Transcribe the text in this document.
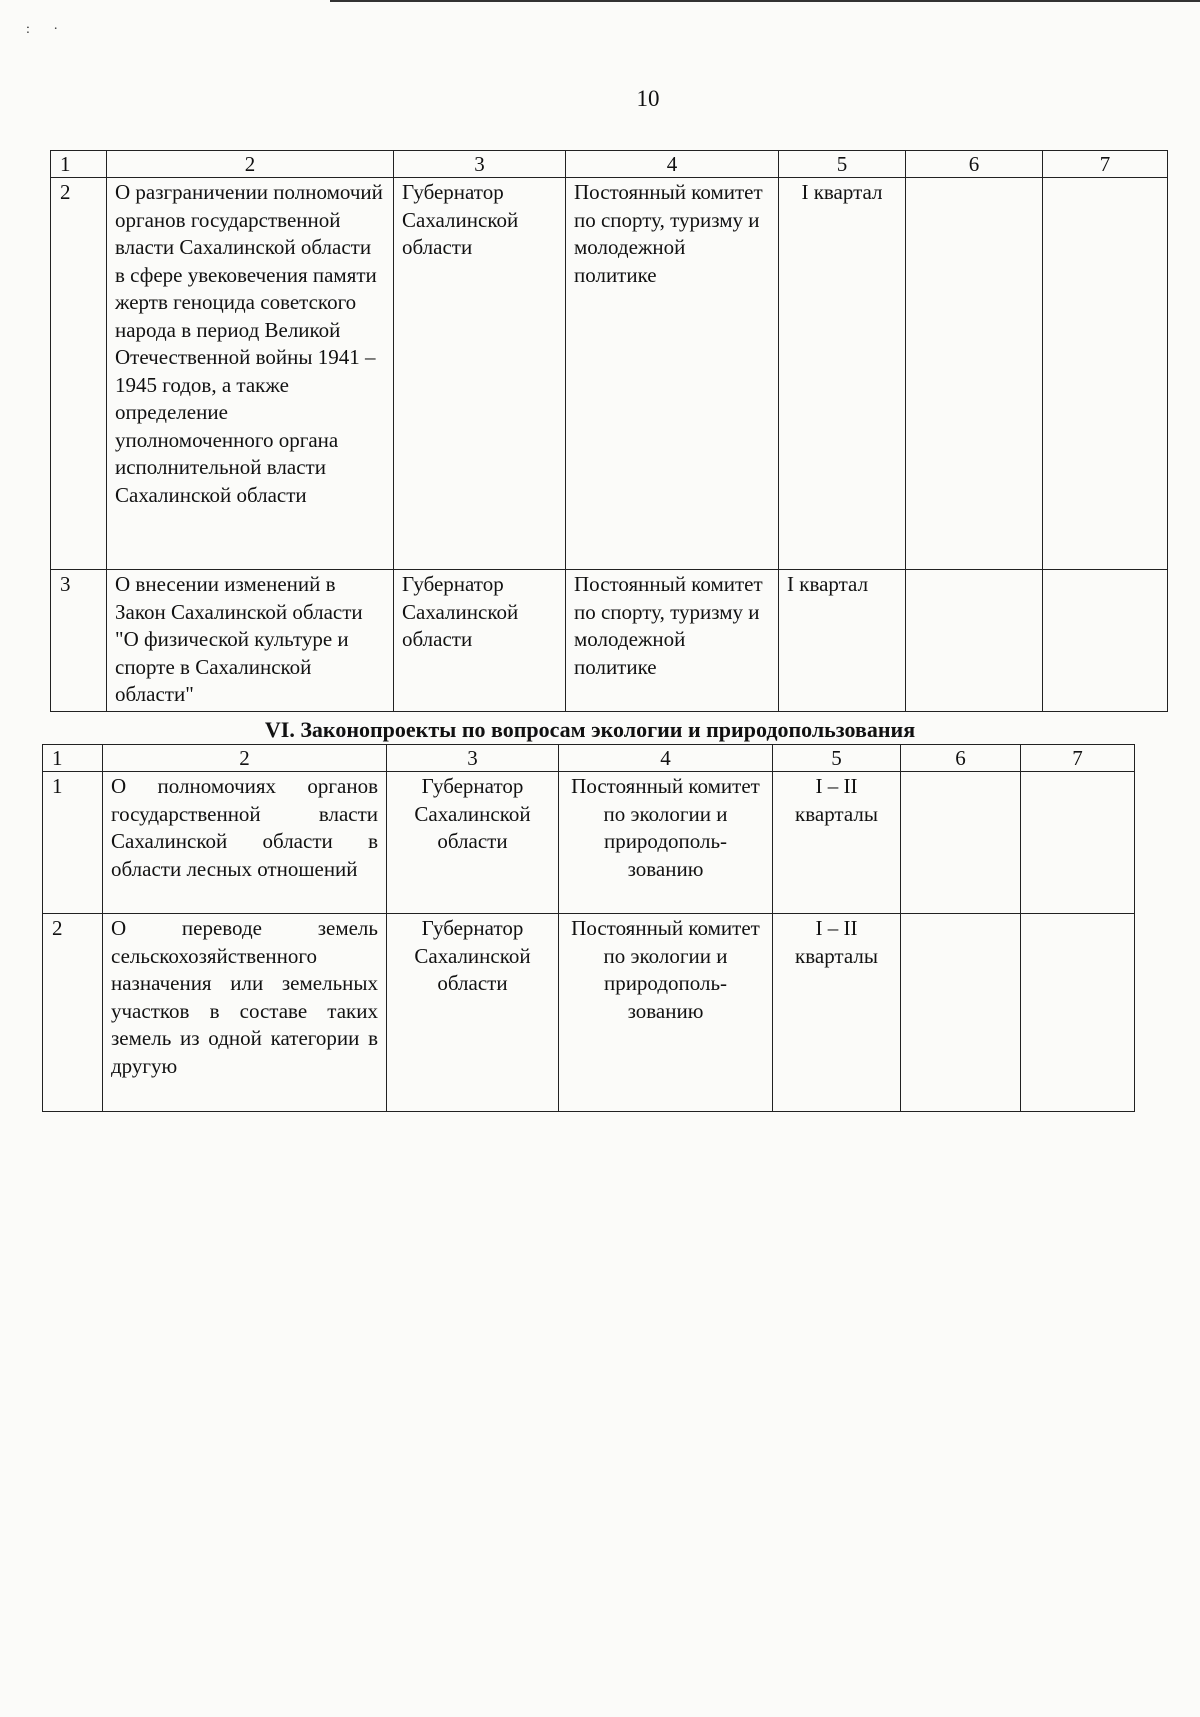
: ·
10
1	2	3	4	5	6	7
2	О разграничении полномочий органов государственной власти Сахалинской области в сфере увековечения памяти жертв геноцида советского народа в период Великой Отечественной войны 1941 – 1945 годов, а также определение уполномоченного органа исполнительной власти Сахалинской области	Губернатор Сахалинской области	Постоянный комитет по спорту, туризму и молодежной политике	I квартал		
3	О внесении изменений в Закон Сахалинской области "О физической культуре и спорте в Сахалинской области"	Губернатор Сахалинской области	Постоянный комитет по спорту, туризму и молодежной политике	I квартал		
VI. Законопроекты по вопросам экологии и природопользования
1	2	3	4	5	6	7
1	О полномочиях органов государственной власти Сахалинской области в области лесных отношений	Губернатор Сахалинской области	Постоянный комитет по экологии и природополь-зованию	I – II кварталы		
2	О переводе земель сельскохозяйственного назначения или земельных участков в составе таких земель из одной категории в другую	Губернатор Сахалинской области	Постоянный комитет по экологии и природополь-зованию	I – II кварталы		
